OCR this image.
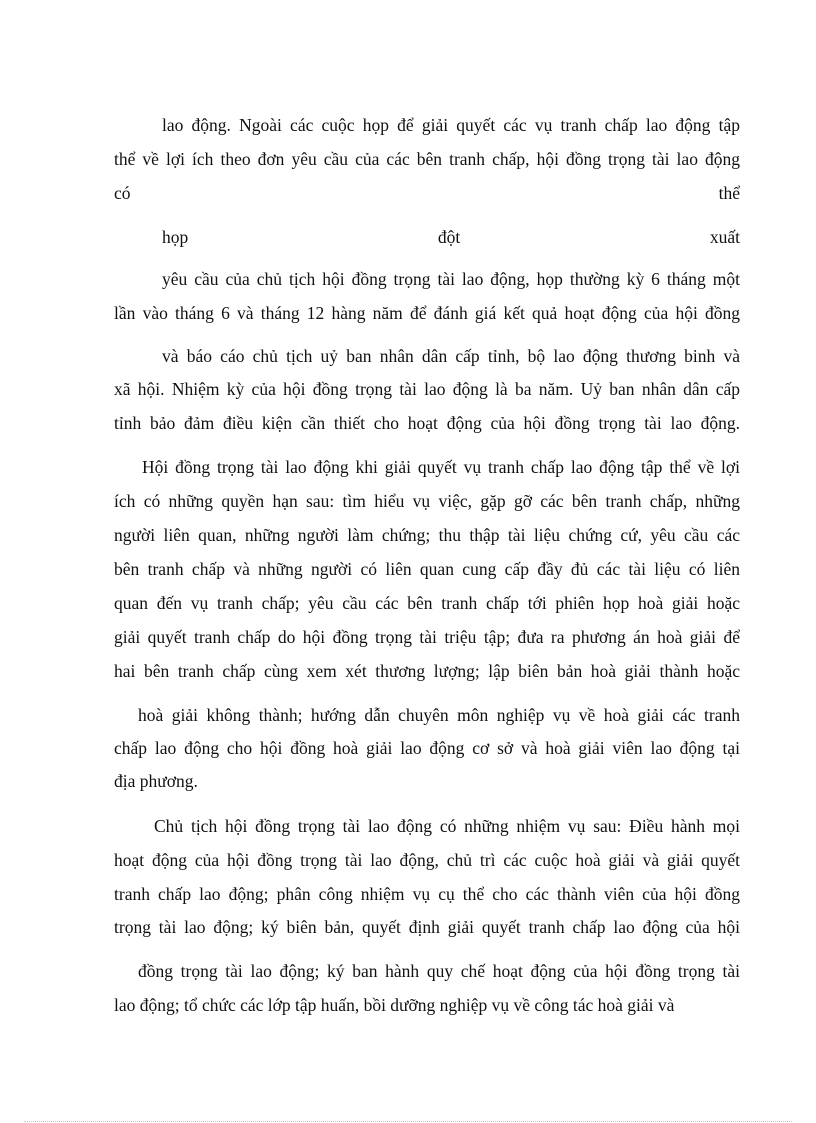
lao động. Ngoài các cuộc họp để giải quyết các vụ tranh chấp lao động tập

thể về lợi ích theo đơn yêu cầu của các bên tranh chấp, hội đồng trọng tài lao động

có thể

họp đột xuất

yêu cầu của chủ tịch hội đồng trọng tài lao động, họp thường kỳ 6 tháng một

lần vào tháng 6 và tháng 12 hàng năm để đánh giá kết quả hoạt động của hội đồng

và báo cáo chủ tịch uỷ ban nhân dân cấp tỉnh, bộ lao động thương binh và

xã hội. Nhiệm kỳ của hội đồng trọng tài lao động là ba năm. Uỷ ban nhân dân cấp

tỉnh bảo đảm điều kiện cần thiết cho hoạt động của hội đồng trọng tài lao động.

Hội đồng trọng tài lao động khi giải quyết vụ tranh chấp lao động tập thể về lợi

ích có những quyền hạn sau: tìm hiểu vụ việc, gặp gỡ các bên tranh chấp, những

người liên quan, những người làm chứng; thu thập tài liệu chứng cứ, yêu cầu các

bên tranh chấp và những người có liên quan cung cấp đầy đủ các tài liệu có liên

quan đến vụ tranh chấp; yêu cầu các bên tranh chấp tới phiên họp hoà giải hoặc

giải quyết tranh chấp do hội đồng trọng tài triệu tập; đưa ra phương án hoà giải để

hai bên tranh chấp cùng xem xét thương lượng; lập biên bản hoà giải thành hoặc

hoà giải không thành; hướng dẫn chuyên môn nghiệp vụ về hoà giải các tranh

chấp lao động cho hội đồng hoà giải lao động cơ sở và hoà giải viên lao động tại

địa phương.

Chủ tịch hội đồng trọng tài lao động có những nhiệm vụ sau: Điều hành mọi

hoạt động của hội đồng trọng tài lao động, chủ trì các cuộc hoà giải và giải quyết

tranh chấp lao động; phân công nhiệm vụ cụ thể cho các thành viên của hội đồng

trọng tài lao động; ký biên bản, quyết định giải quyết tranh chấp lao động của hội

đồng trọng tài lao động; ký ban hành quy chế hoạt động của hội đồng trọng tài

lao động; tổ chức các lớp tập huấn, bồi dưỡng nghiệp vụ về công tác hoà giải và
